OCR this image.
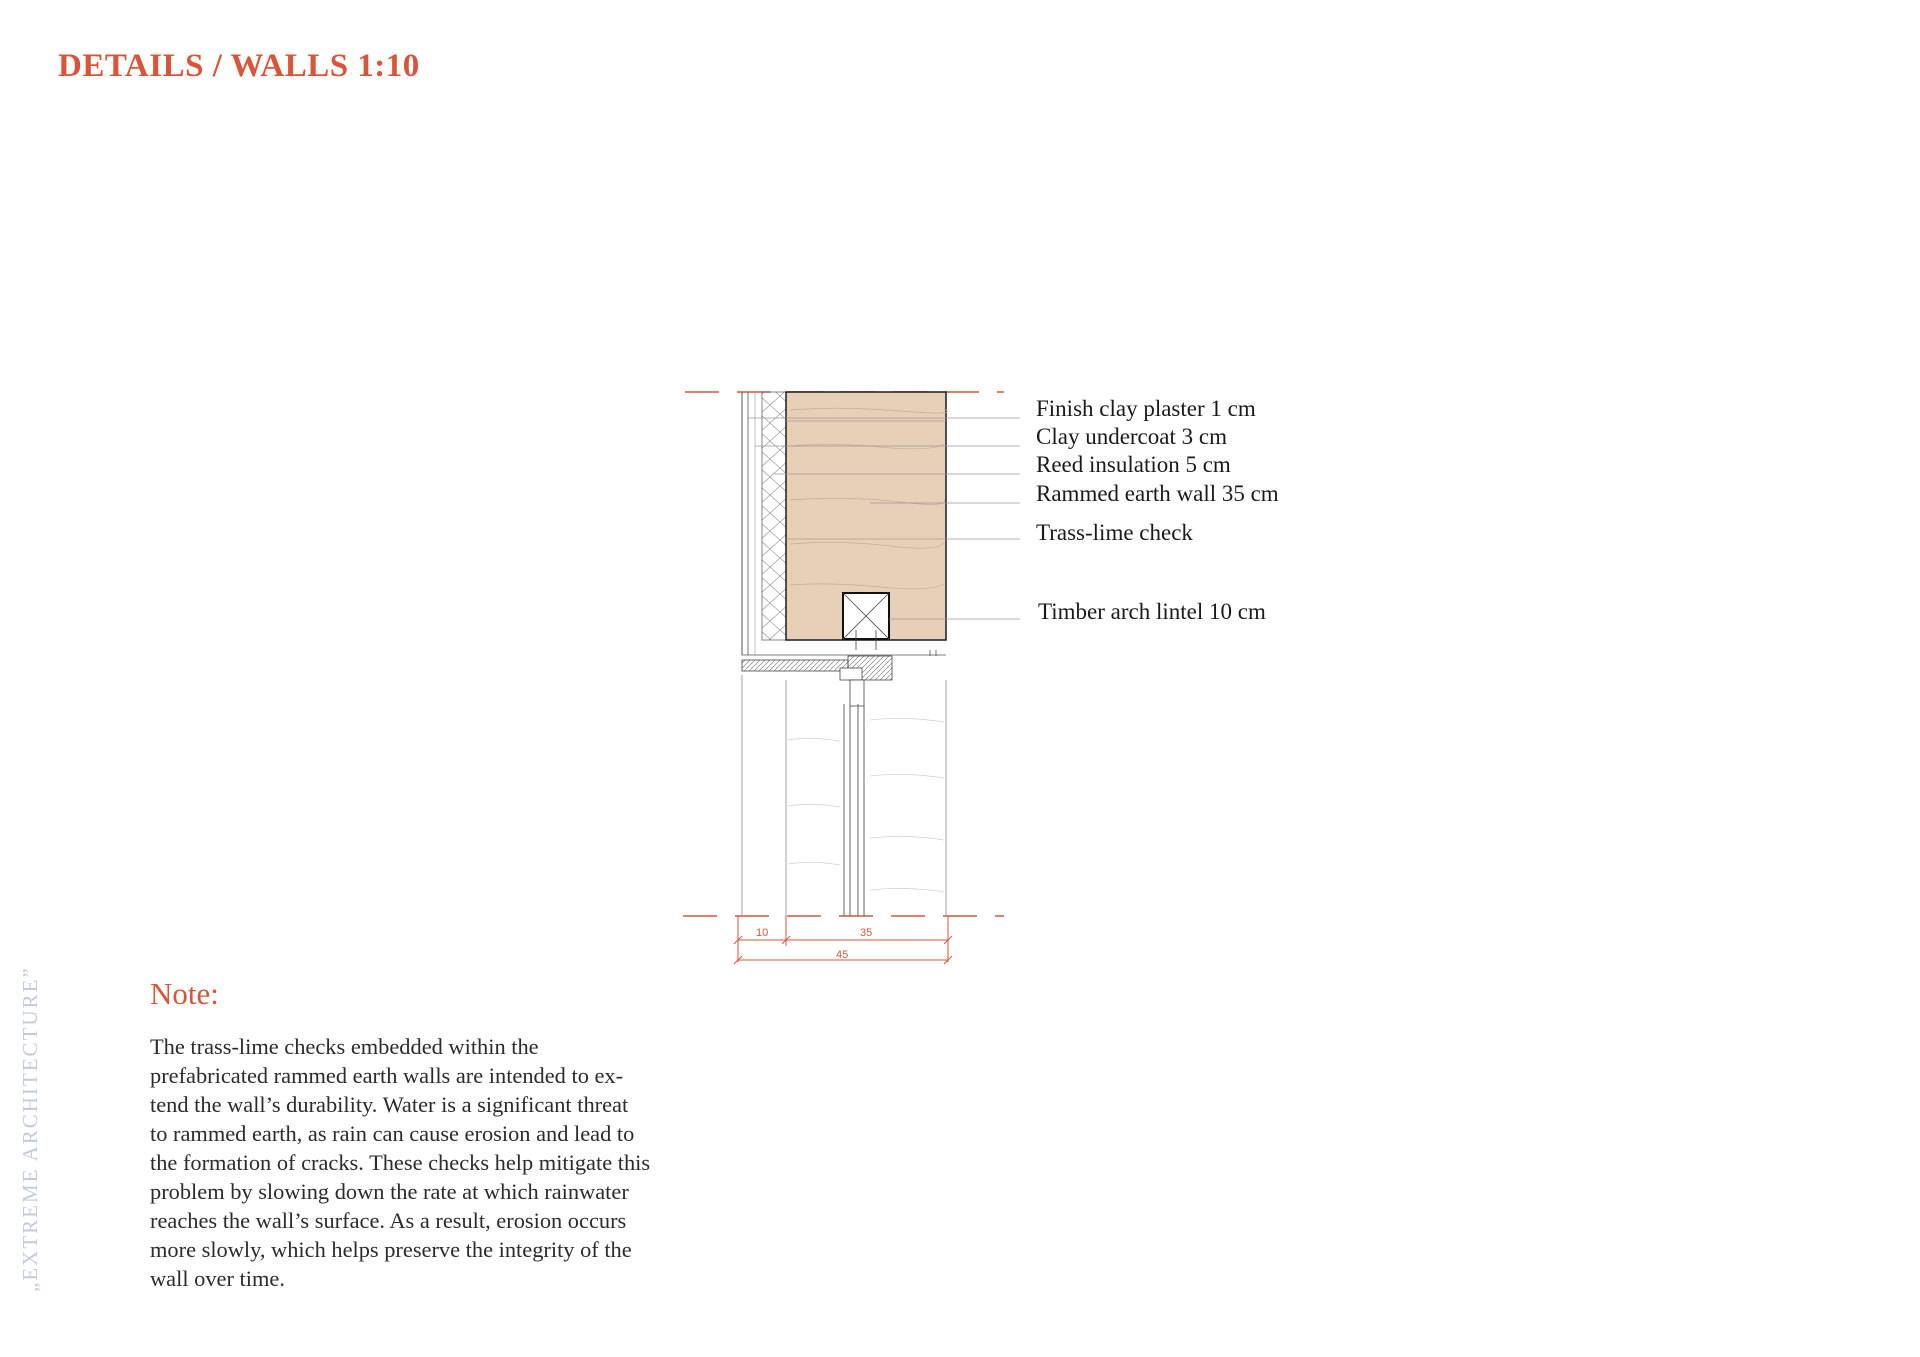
DETAILS / WALLS 1:10
10	35
45
Finish clay plaster 1 cm
Clay undercoat 3 cm
Reed insulation 5 cm
Rammed earth wall 35 cm
Trass-lime check
Timber arch lintel 10 cm
Note:
The trass-lime checks embedded within the
prefabricated rammed earth walls are intended to ex-
tend the wall’s durability. Water is a significant threat
to rammed earth, as rain can cause erosion and lead to
the formation of cracks. These checks help mitigate this
problem by slowing down the rate at which rainwater
reaches the wall’s surface. As a result, erosion occurs
more slowly, which helps preserve the integrity of the
wall over time.
„EXTREME ARCHITECTURE”
